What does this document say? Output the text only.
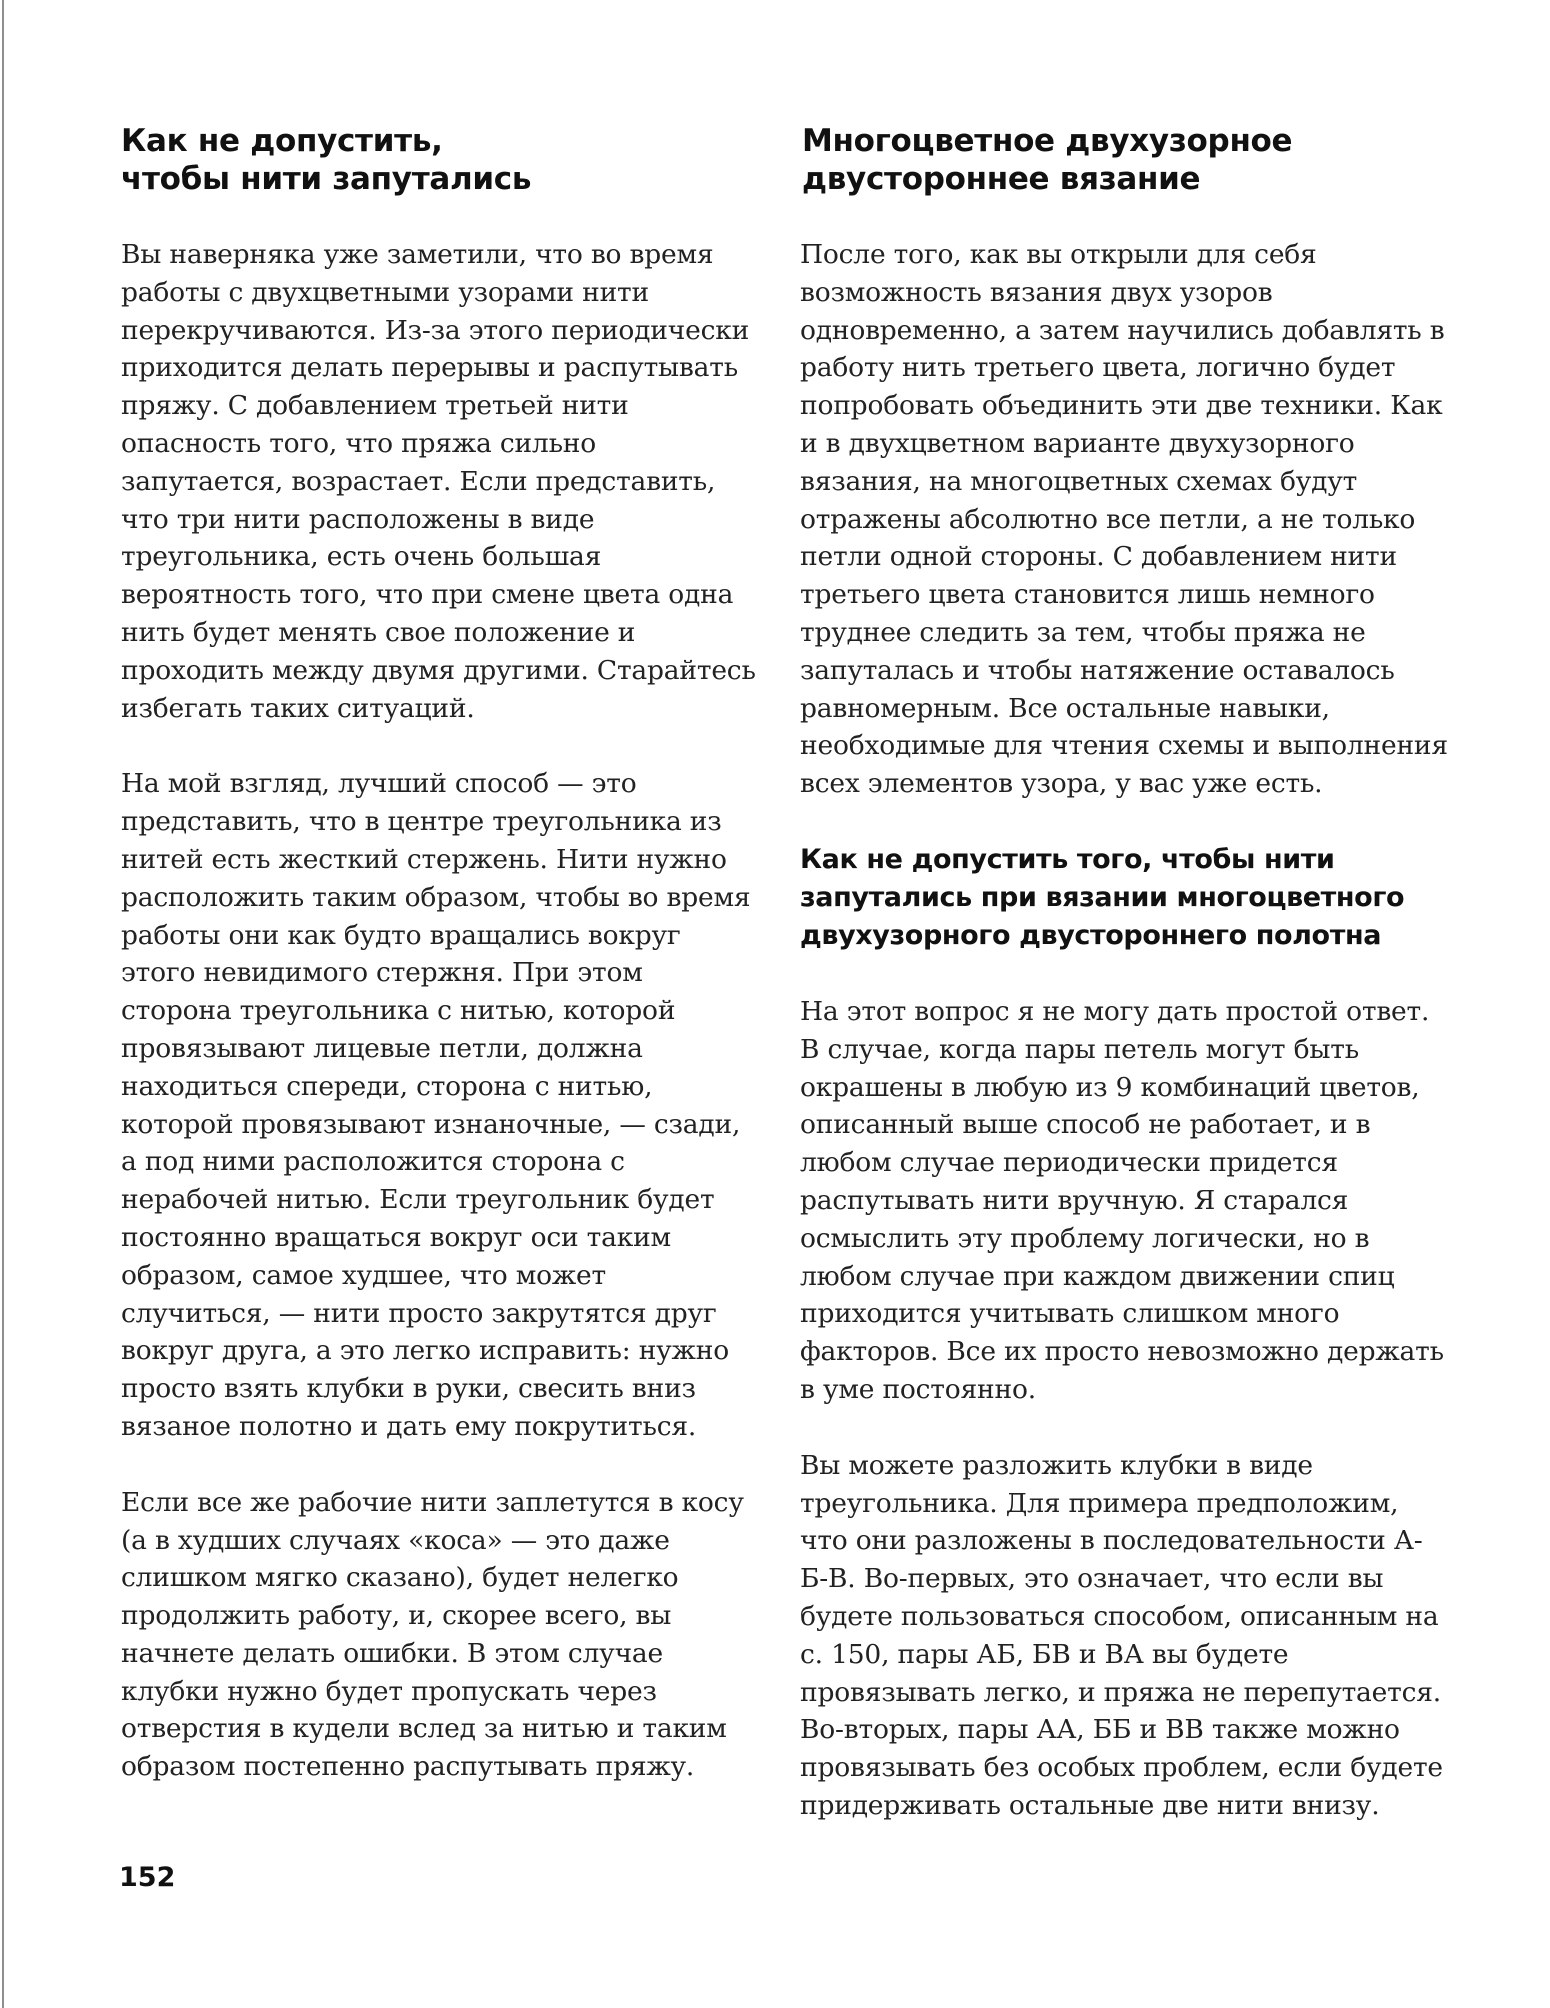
Как не допустить,
чтобы нити запутались

Вы наверняка уже заметили, что во время работы с двухцветными узорами нити перекручиваются. Из-за этого периодически приходится делать перерывы и распутывать пряжу. С добавлением третьей нити опасность того, что пряжа сильно запутается, возрастает. Если представить, что три нити расположены в виде треугольника, есть очень большая вероятность того, что при смене цвета одна нить будет менять свое положение и проходить между двумя другими. Старайтесь избегать таких ситуаций.

На мой взгляд, лучший способ — это представить, что в центре треугольника из нитей есть жесткий стержень. Нити нужно расположить таким образом, чтобы во время работы они как будто вращались вокруг этого невидимого стержня. При этом сторона треугольника с нитью, которой провязывают лицевые петли, должна находиться спереди, сторона с нитью, которой провязывают изнаночные, — сзади, а под ними расположится сторона с нерабочей нитью. Если треугольник будет постоянно вращаться вокруг оси таким образом, самое худшее, что может случиться, — нити просто закрутятся друг вокруг друга, а это легко исправить: нужно просто взять клубки в руки, свесить вниз вязаное полотно и дать ему покрутиться.

Если все же рабочие нити заплетутся в косу (а в худших случаях «коса» — это даже слишком мягко сказано), будет нелегко продолжить работу, и, скорее всего, вы начнете делать ошибки. В этом случае клубки нужно будет пропускать через отверстия в кудели вслед за нитью и таким образом постепенно распутывать пряжу.

Многоцветное двухузорное
двустороннее вязание

После того, как вы открыли для себя возможность вязания двух узоров одновременно, а затем научились добавлять в работу нить третьего цвета, логично будет попробовать объединить эти две техники. Как и в двухцветном варианте двухузорного вязания, на многоцветных схемах будут отражены абсолютно все петли, а не только петли одной стороны. С добавлением нити третьего цвета становится лишь немного труднее следить за тем, чтобы пряжа не запуталась и чтобы натяжение оставалось равномерным. Все остальные навыки, необходимые для чтения схемы и выполнения всех элементов узора, у вас уже есть.

Как не допустить того, чтобы нити запутались при вязании многоцветного двухузорного двустороннего полотна

На этот вопрос я не могу дать простой ответ. В случае, когда пары петель могут быть окрашены в любую из 9 комбинаций цветов, описанный выше способ не работает, и в любом случае периодически придется распутывать нити вручную. Я старался осмыслить эту проблему логически, но в любом случае при каждом движении спиц приходится учитывать слишком много факторов. Все их просто невозможно держать в уме постоянно.

Вы можете разложить клубки в виде треугольника. Для примера предположим, что они разложены в последовательности А-Б-В. Во-первых, это означает, что если вы будете пользоваться способом, описанным на с. 150, пары АБ, БВ и ВА вы будете провязывать легко, и пряжа не перепутается. Во-вторых, пары АА, ББ и ВВ также можно провязывать без особых проблем, если будете придерживать остальные две нити внизу.

152
